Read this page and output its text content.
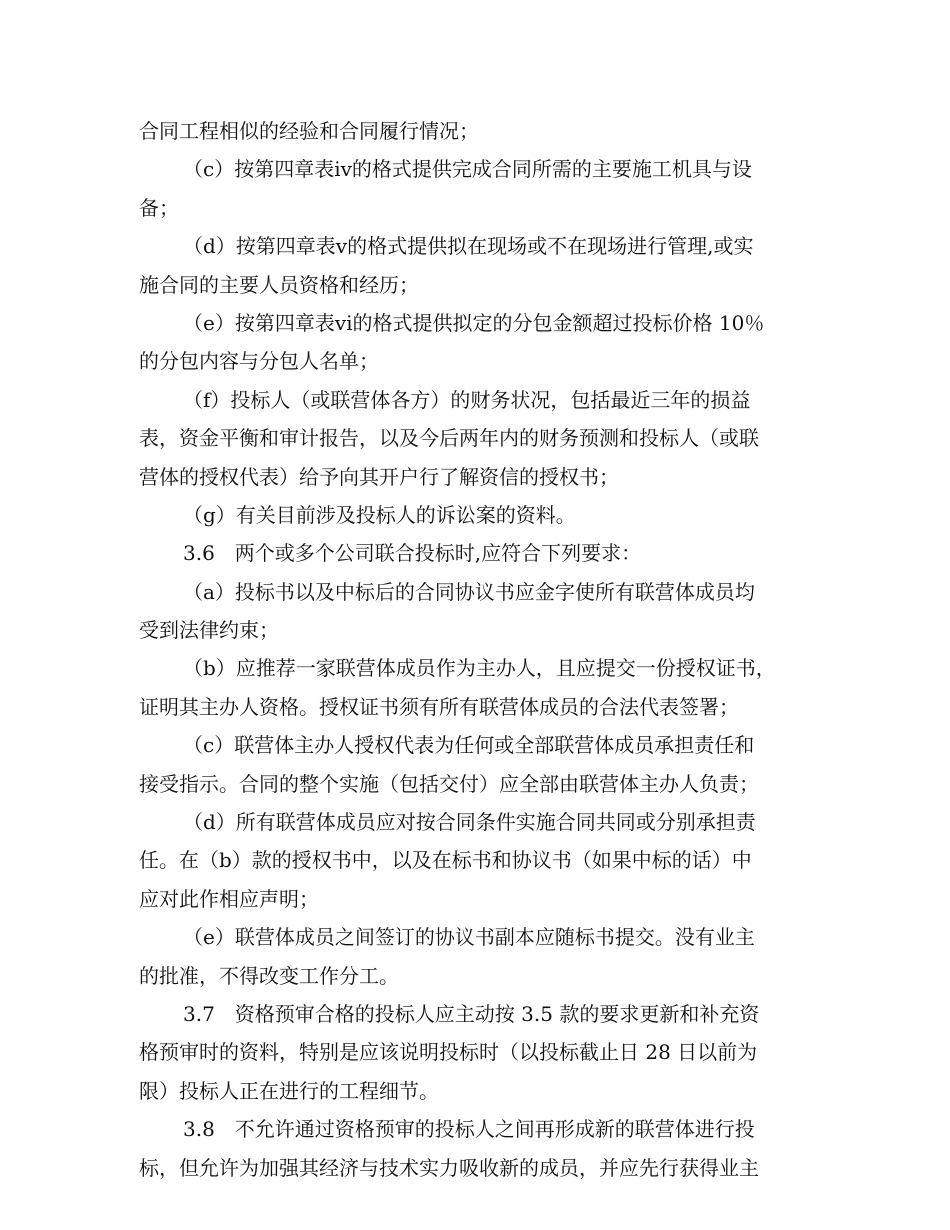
合同工程相似的经验和合同履行情况；
（c）按第四章表ⅳ的格式提供完成合同所需的主要施工机具与设
备；
（d）按第四章表ⅴ的格式提供拟在现场或不在现场进行管理,或实
施合同的主要人员资格和经历；
（e）按第四章表ⅵ的格式提供拟定的分包金额超过投标价格 10％
的分包内容与分包人名单；
（f）投标人（或联营体各方）的财务状况，包括最近三年的损益
表，资金平衡和审计报告，以及今后两年内的财务预测和投标人（或联
营体的授权代表）给予向其开户行了解资信的授权书；
（g）有关目前涉及投标人的诉讼案的资料。
3.6　两个或多个公司联合投标时,应符合下列要求：
（a）投标书以及中标后的合同协议书应金字使所有联营体成员均
受到法律约束；
（b）应推荐一家联营体成员作为主办人，且应提交一份授权证书，
证明其主办人资格。授权证书须有所有联营体成员的合法代表签署；
（c）联营体主办人授权代表为任何或全部联营体成员承担责任和
接受指示。合同的整个实施（包括交付）应全部由联营体主办人负责；
（d）所有联营体成员应对按合同条件实施合同共同或分别承担责
任。在（b）款的授权书中，以及在标书和协议书（如果中标的话）中
应对此作相应声明；
（e）联营体成员之间签订的协议书副本应随标书提交。没有业主
的批准，不得改变工作分工。
3.7　资格预审合格的投标人应主动按 3.5 款的要求更新和补充资
格预审时的资料，特别是应该说明投标时（以投标截止日 28 日以前为
限）投标人正在进行的工程细节。
3.8　不允许通过资格预审的投标人之间再形成新的联营体进行投
标，但允许为加强其经济与技术实力吸收新的成员，并应先行获得业主
